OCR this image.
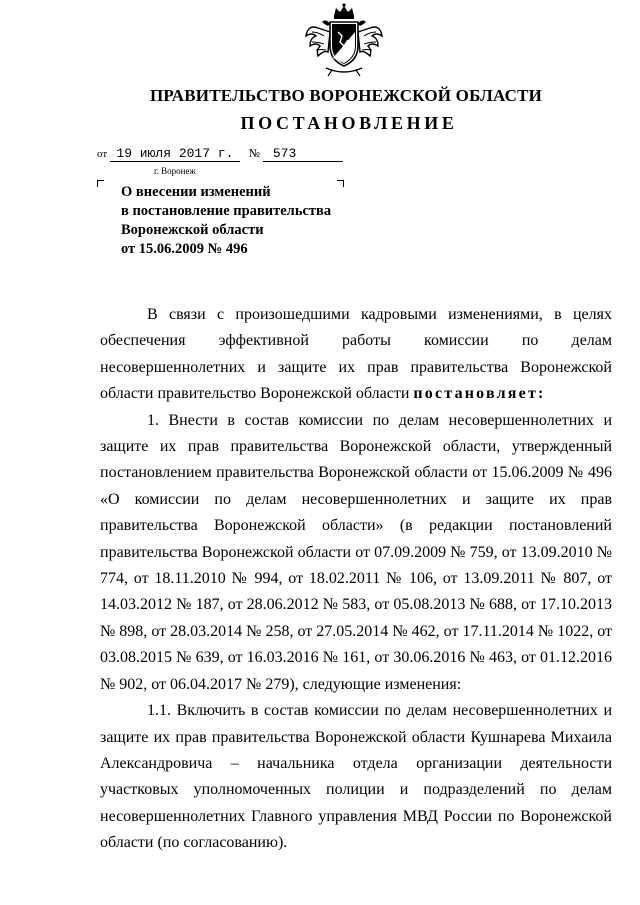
ПРАВИТЕЛЬСТВО ВОРОНЕЖСКОЙ ОБЛАСТИ
ПОСТАНОВЛЕНИЕ
от 19 июля 2017 г. № 573
г. Воронеж
О внесении изменений
в постановление правительства
Воронежской области
от 15.06.2009 № 496

В связи с произошедшими кадровыми изменениями, в целях обеспечения эффективной работы комиссии по делам несовершеннолетних и защите их прав правительства Воронежской области правительство Воронежской области постановляет:

1. Внести в состав комиссии по делам несовершеннолетних и защите их прав правительства Воронежской области, утвержденный постановлением правительства Воронежской области от 15.06.2009 № 496 «О комиссии по делам несовершеннолетних и защите их прав правительства Воронежской области» (в редакции постановлений правительства Воронежской области от 07.09.2009 № 759, от 13.09.2010 № 774, от 18.11.2010 № 994, от 18.02.2011 № 106, от 13.09.2011 № 807, от 14.03.2012 № 187, от 28.06.2012 № 583, от 05.08.2013 № 688, от 17.10.2013 № 898, от 28.03.2014 № 258, от 27.05.2014 № 462, от 17.11.2014 № 1022, от 03.08.2015 № 639, от 16.03.2016 № 161, от 30.06.2016 № 463, от 01.12.2016 № 902, от 06.04.2017 № 279), следующие изменения:

1.1. Включить в состав комиссии по делам несовершеннолетних и защите их прав правительства Воронежской области Кушнарева Михаила Александровича – начальника отдела организации деятельности участковых уполномоченных полиции и подразделений по делам несовершеннолетних Главного управления МВД России по Воронежской области (по согласованию).
